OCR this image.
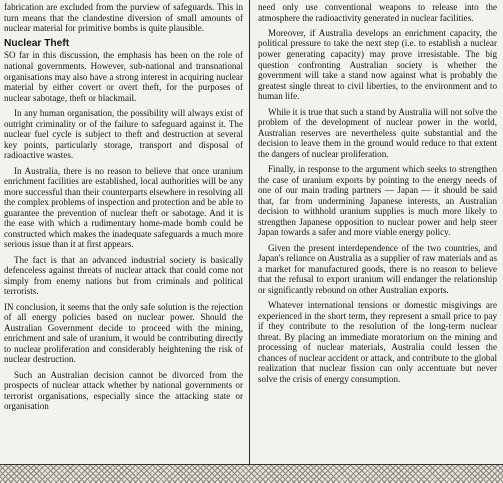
fabrication are excluded from the purview of safeguards. This in turn means that the clandestine diversion of small amounts of nuclear material for primitive bombs is quite plausible.

Nuclear Theft

SO far in this discussion, the emphasis has been on the role of national governments. However, sub-national and transnational organisations may also have a strong interest in acquiring nuclear material by either covert or overt theft, for the purposes of nuclear sabotage, theft or blackmail.

In any human organisation, the possibility will always exist of outright criminality or of the failure to safeguard against it. The nuclear fuel cycle is subject to theft and destruction at several key points, particularly storage, transport and disposal of radioactive wastes.

In Australia, there is no reason to believe that once uranium enrichment facilities are established, local authorities will be any more successful than their counterparts elsewhere in resolving all the complex problems of inspection and protection and be able to guarantee the prevention of nuclear theft or sabotage. And it is the ease with which a rudimentary home-made bomb could be constructed which makes the inadequate safeguards a much more serious issue than it at first appears.

The fact is that an advanced industrial society is basically defenceless against threats of nuclear attack that could come not simply from enemy nations but from criminals and political terrorists.

IN conclusion, it seems that the only safe solution is the rejection of all energy policies based on nuclear power. Should the Australian Government decide to proceed with the mining, enrichment and sale of uranium, it would be contributing directly to nuclear proliferation and considerably heightening the risk of nuclear destruction.

Such an Australian decision cannot be divorced from the prospects of nuclear attack whether by national governments or terrorist organisations, especially since the attacking state or organisation

need only use conventional weapons to release into the atmosphere the radioactivity generated in nuclear facilities.

Moreover, if Australia develops an enrichment capacity, the political pressure to take the next step (i.e. to establish a nuclear power generating capacity) may prove irresistable. The big question confronting Australian society is whether the government will take a stand now against what is probably the greatest single threat to civil liberties, to the environment and to human life.

While it is true that such a stand by Australia will not solve the problem of the development of nuclear power in the world, Australian reserves are nevertheless quite substantial and the decision to leave them in the ground would reduce to that extent the dangers of nuclear proliferation.

Finally, in response to the argument which seeks to strengthen the case of uranium exports by pointing to the energy needs of one of our main trading partners — Japan — it should be said that, far from undermining Japanese interests, an Australian decision to withhold uranium supplies is much more likely to strengthen Japanese opposition to nuclear power and help steer Japan towards a safer and more viable energy policy.

Given the present interdependence of the two countries, and Japan's reliance on Australia as a supplier of raw materials and as a market for manufactured goods, there is no reason to believe that the refusal to export uranium will endanger the relationship or significantly rebound on other Australian exports.

Whatever international tensions or domestic misgivings are experienced in the short term, they represent a small price to pay if they contribute to the resolution of the long-term nuclear threat. By placing an immediate moratorium on the mining and processing of nuclear materials, Australia could lessen the chances of nuclear accident or attack, and contribute to the global realization that nuclear fission can only accentuate but never solve the crisis of energy consumption.
